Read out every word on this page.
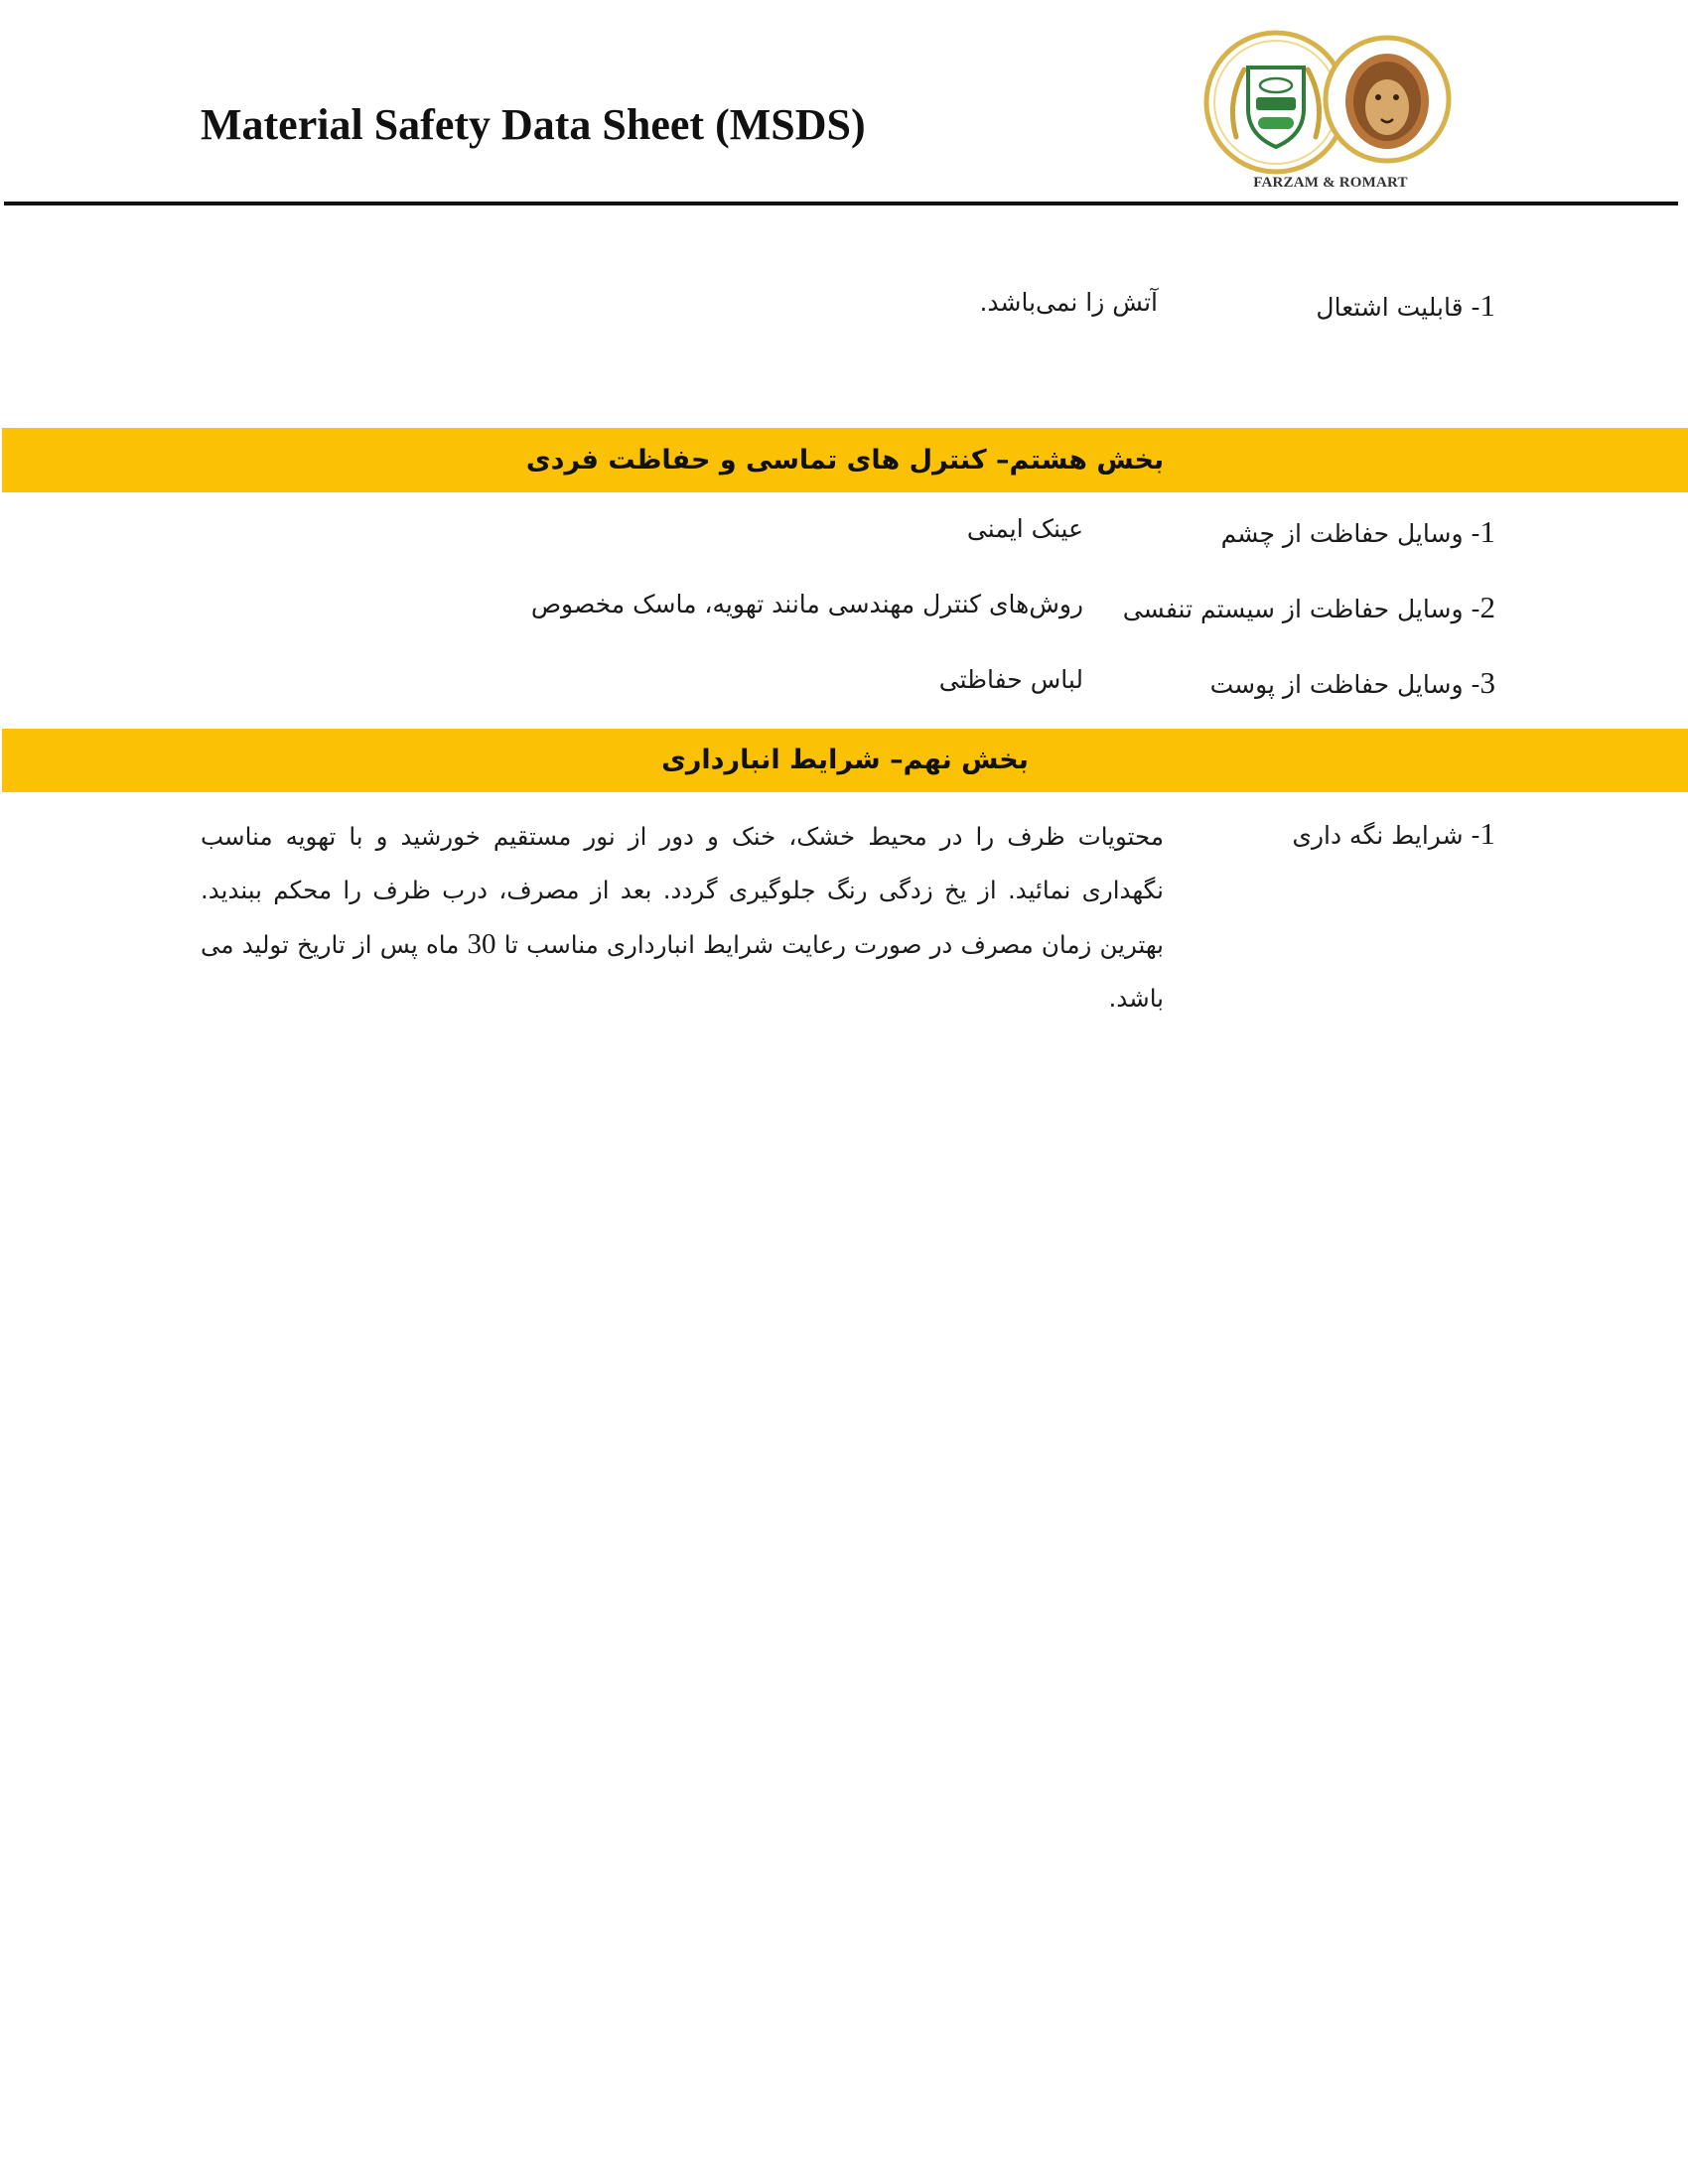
Material Safety Data Sheet (MSDS)
FARZAM & ROMART
1- قابلیت اشتعال
آتش زا نمی‌باشد.
بخش هشتم– کنترل های تماسی و حفاظت فردی
1- وسایل حفاظت از چشم
عینک ایمنی
2- وسایل حفاظت از سیستم تنفسی
روش‌های کنترل مهندسی مانند تهویه، ماسک مخصوص
3- وسایل حفاظت از پوست
لباس حفاظتی
بخش نهم– شرایط انبارداری
1- شرایط نگه داری
محتویات ظرف را در محیط خشک، خنک و دور از نور مستقیم خورشید و با تهویه مناسب نگهداری نمائید. از یخ زدگی رنگ جلوگیری گردد. بعد از مصرف، درب ظرف را محکم ببندید. بهترین زمان مصرف در صورت رعایت شرایط انبارداری مناسب تا 30 ماه پس از تاریخ تولید می باشد.
